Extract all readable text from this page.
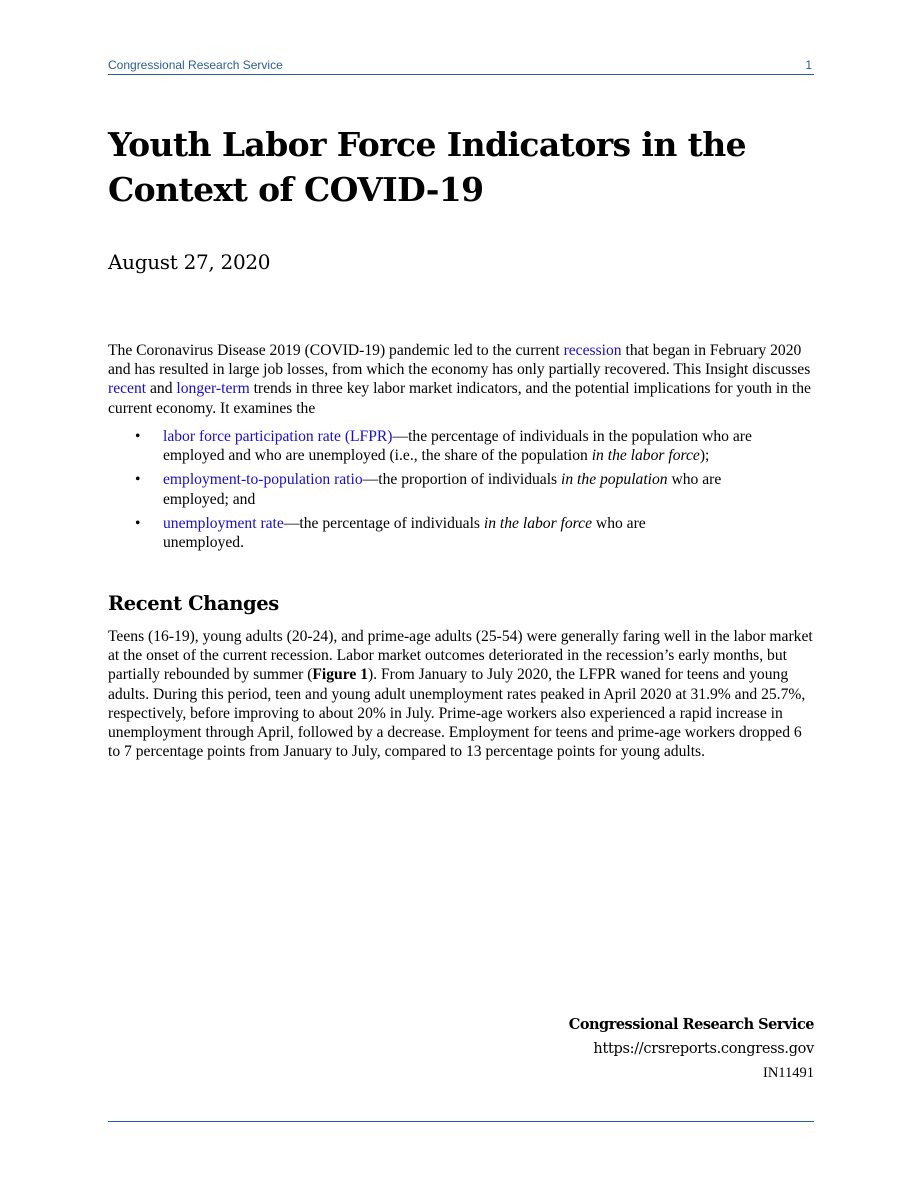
Congressional Research Service	1
Youth Labor Force Indicators in the Context of COVID-19
August 27, 2020

The Coronavirus Disease 2019 (COVID-19) pandemic led to the current recession that began in February 2020 and has resulted in large job losses, from which the economy has only partially recovered. This Insight discusses recent and longer-term trends in three key labor market indicators, and the potential implications for youth in the current economy. It examines the

• labor force participation rate (LFPR)—the percentage of individuals in the population who are employed and who are unemployed (i.e., the share of the population in the labor force);
• employment-to-population ratio—the proportion of individuals in the population who are employed; and
• unemployment rate—the percentage of individuals in the labor force who are unemployed.
Recent Changes

Teens (16-19), young adults (20-24), and prime-age adults (25-54) were generally faring well in the labor market at the onset of the current recession. Labor market outcomes deteriorated in the recession’s early months, but partially rebounded by summer (Figure 1). From January to July 2020, the LFPR waned for teens and young adults. During this period, teen and young adult unemployment rates peaked in April 2020 at 31.9% and 25.7%, respectively, before improving to about 20% in July. Prime-age workers also experienced a rapid increase in unemployment through April, followed by a decrease. Employment for teens and prime-age workers dropped 6 to 7 percentage points from January to July, compared to 13 percentage points for young adults.

Congressional Research Service
https://crsreports.congress.gov
IN11491
